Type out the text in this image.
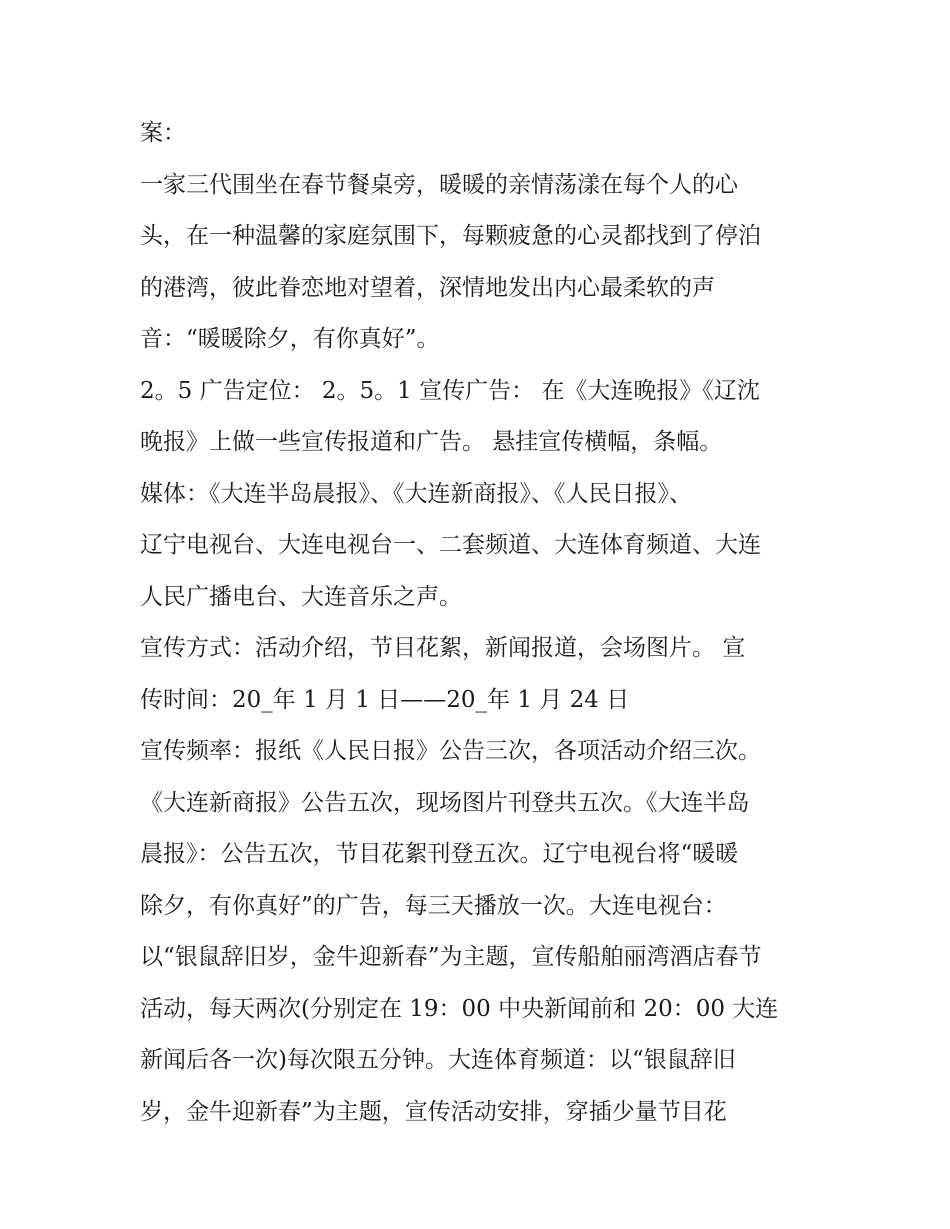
案：
一家三代围坐在春节餐桌旁，暖暖的亲情荡漾在每个人的心
头，在一种温馨的家庭氛围下，每颗疲惫的心灵都找到了停泊
的港湾，彼此眷恋地对望着，深情地发出内心最柔软的声
音：“暖暖除夕，有你真好”。
2。5 广告定位： 2。5。1 宣传广告： 在《大连晚报》《辽沈
晚报》上做一些宣传报道和广告。 悬挂宣传横幅，条幅。
媒体：《大连半岛晨报》、《大连新商报》、《人民日报》、
辽宁电视台、大连电视台一、二套频道、大连体育频道、大连
人民广播电台、大连音乐之声。
宣传方式：活动介绍，节目花絮，新闻报道，会场图片。 宣
传时间：20_年 1 月 1 日——20_年 1 月 24 日
宣传频率：报纸《人民日报》公告三次，各项活动介绍三次。
《大连新商报》公告五次，现场图片刊登共五次。《大连半岛
晨报》：公告五次，节目花絮刊登五次。辽宁电视台将“暖暖
除夕，有你真好”的广告，每三天播放一次。大连电视台：
以“银鼠辞旧岁，金牛迎新春”为主题，宣传船舶丽湾酒店春节
活动，每天两次(分别定在 19：00 中央新闻前和 20：00 大连
新闻后各一次)每次限五分钟。大连体育频道：以“银鼠辞旧
岁，金牛迎新春”为主题，宣传活动安排，穿插少量节目花
